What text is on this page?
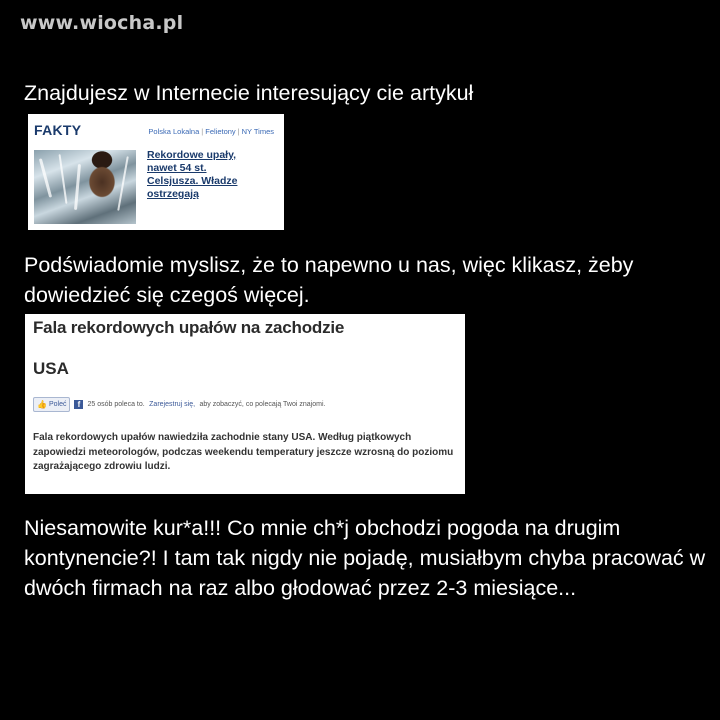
www.wiocha.pl
Znajdujesz w Internecie interesujący cie artykuł
FAKTY	Polska Lokalna | Felietony | NY Times
Rekordowe upały, nawet 54 st. Celsjusza. Władze ostrzegają
Podświadomie myslisz, że to napewno u nas, więc klikasz, żeby dowiedzieć się czegoś więcej.
Fala rekordowych upałów na zachodzie
USA
👍 Poleć	f	25 osób poleca to.
Zarejestruj się,
aby zobaczyć, co polecają Twoi znajomi.
Fala rekordowych upałów nawiedziła zachodnie stany USA. Według piątkowych zapowiedzi meteorologów, podczas weekendu temperatury jeszcze wzrosną do poziomu zagrażającego zdrowiu ludzi.
Niesamowite kur*a!!! Co mnie ch*j obchodzi pogoda na drugim kontynencie?! I tam tak nigdy nie pojadę, musiałbym chyba pracować w dwóch firmach na raz albo głodować przez 2-3 miesiące...
